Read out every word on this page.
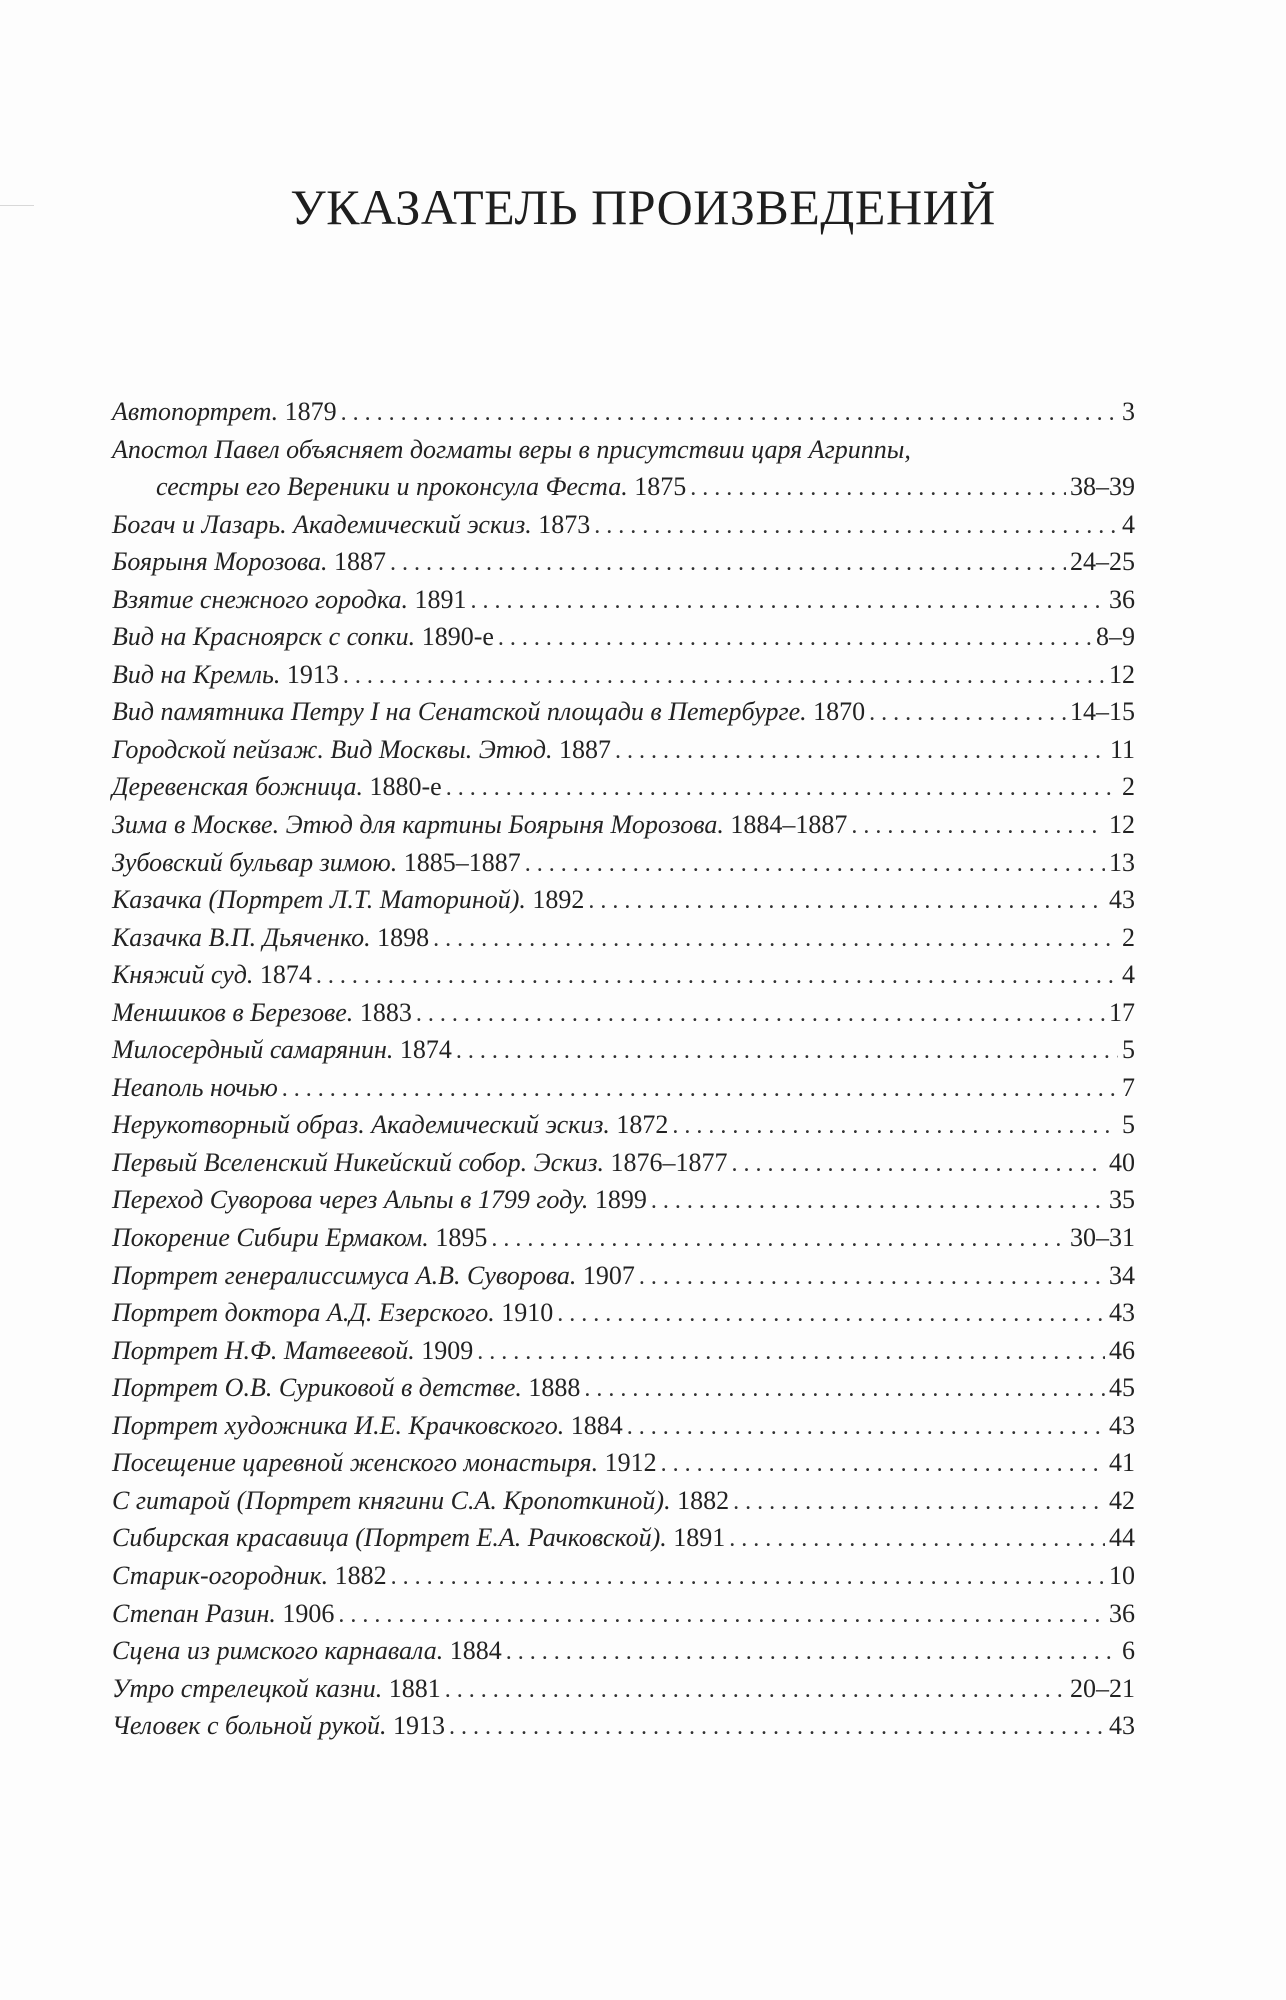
УКАЗАТЕЛЬ ПРОИЗВЕДЕНИЙ
Автопортрет. 1879 . . .	3
Апостол Павел объясняет догматы веры в присутствии царя Агриппы,
сестры его Вереники и проконсула Феста. 1875 . . .	38–39
Богач и Лазарь. Академический эскиз. 1873 . . .	4
Боярыня Морозова. 1887 . . .	24–25
Взятие снежного городка. 1891 . . .	36
Вид на Красноярск с сопки. 1890-е . . .	8–9
Вид на Кремль. 1913 . . .	12
Вид памятника Петру I на Сенатской площади в Петербурге. 1870 . . .	14–15
Городской пейзаж. Вид Москвы. Этюд. 1887 . . .	11
Деревенская божница. 1880-е . . .	2
Зима в Москве. Этюд для картины Боярыня Морозова. 1884–1887 . . .	12
Зубовский бульвар зимою. 1885–1887 . . .	13
Казачка (Портрет Л.Т. Маториной). 1892 . . .	43
Казачка В.П. Дьяченко. 1898 . . .	2
Княжий суд. 1874 . . .	4
Меншиков в Березове. 1883 . . .	17
Милосердный самарянин. 1874 . . .	5
Неаполь ночью . . .	7
Нерукотворный образ. Академический эскиз. 1872 . . .	5
Первый Вселенский Никейский собор. Эскиз. 1876–1877 . . .	40
Переход Суворова через Альпы в 1799 году. 1899 . . .	35
Покорение Сибири Ермаком. 1895 . . .	30–31
Портрет генералиссимуса А.В. Суворова. 1907 . . .	34
Портрет доктора А.Д. Езерского. 1910 . . .	43
Портрет Н.Ф. Матвеевой. 1909 . . .	46
Портрет О.В. Суриковой в детстве. 1888 . . .	45
Портрет художника И.Е. Крачковского. 1884 . . .	43
Посещение царевной женского монастыря. 1912 . . .	41
С гитарой (Портрет княгини С.А. Кропоткиной). 1882 . . .	42
Сибирская красавица (Портрет Е.А. Рачковской). 1891 . . .	44
Старик-огородник. 1882 . . .	10
Степан Разин. 1906 . . .	36
Сцена из римского карнавала. 1884 . . .	6
Утро стрелецкой казни. 1881 . . .	20–21
Человек с больной рукой. 1913 . . .	43
